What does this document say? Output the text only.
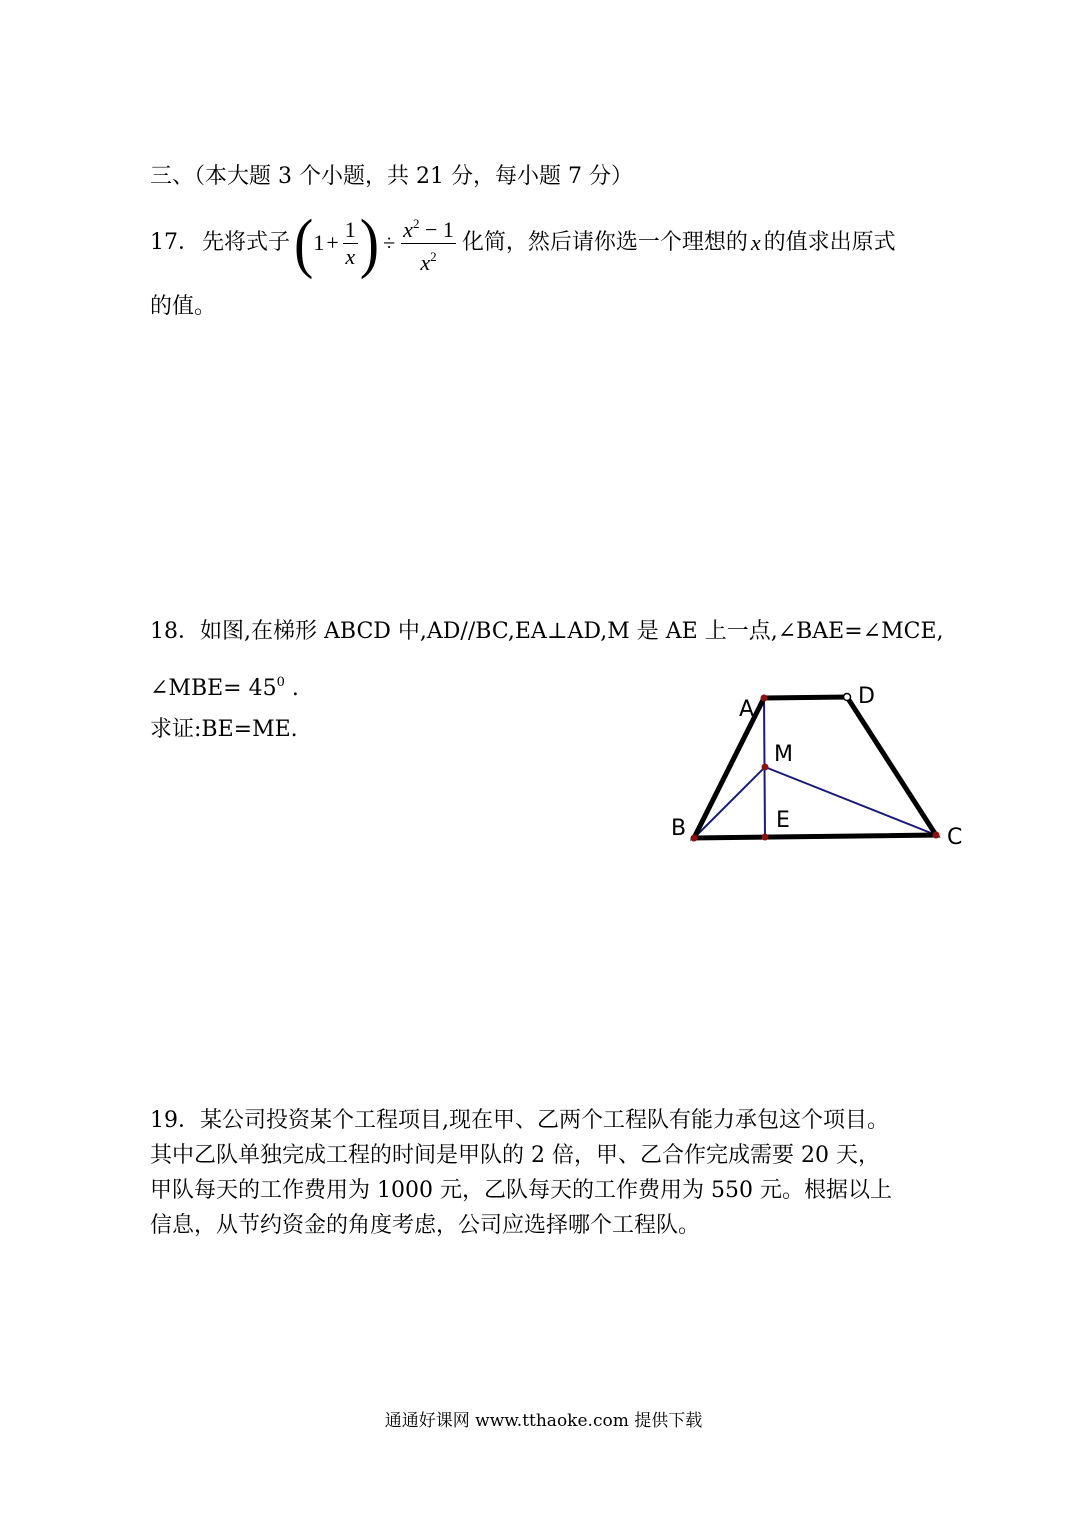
三、（本大题 3 个小题，共 21 分，每小题 7 分）
17． 先将式子 ( $1 + \frac{1}{x}$ ) ÷ $\frac{x^2 - 1}{x^2}$ 化简，然后请你选一个理想的 x 的值求出原式
的值。
18．如图,在梯形 ABCD 中,AD//BC,EA⊥AD,M 是 AE 上一点,∠BAE=∠MCE,
∠MBE= $45^0$ .
求证:BE=ME.
A
D
M
B	E
C
19．某公司投资某个工程项目,现在甲、乙两个工程队有能力承包这个项目。
其中乙队单独完成工程的时间是甲队的 2 倍，甲、乙合作完成需要 20 天，
甲队每天的工作费用为 1000 元，乙队每天的工作费用为 550 元。根据以上
信息，从节约资金的角度考虑，公司应选择哪个工程队。
通通好课网 www.tthaoke.com 提供下载
